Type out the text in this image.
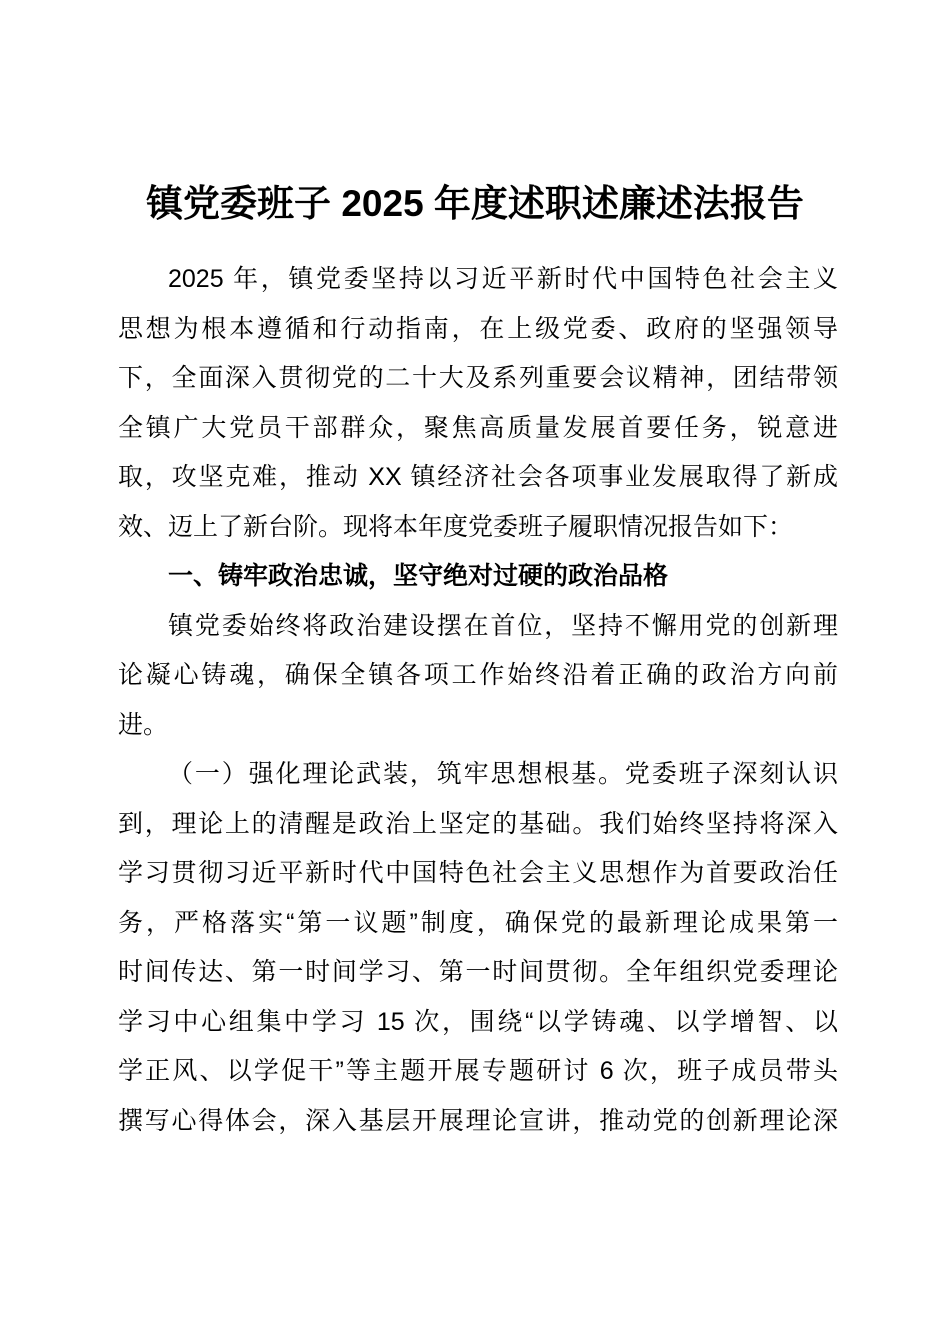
镇党委班子 2025 年度述职述廉述法报告
2025 年，镇党委坚持以习近平新时代中国特色社会主义
思想为根本遵循和行动指南，在上级党委、政府的坚强领导
下，全面深入贯彻党的二十大及系列重要会议精神，团结带领
全镇广大党员干部群众，聚焦高质量发展首要任务，锐意进
取，攻坚克难，推动 XX 镇经济社会各项事业发展取得了新成
效、迈上了新台阶。现将本年度党委班子履职情况报告如下：
一、铸牢政治忠诚，坚守绝对过硬的政治品格
镇党委始终将政治建设摆在首位，坚持不懈用党的创新理
论凝心铸魂，确保全镇各项工作始终沿着正确的政治方向前
进。
（一）强化理论武装，筑牢思想根基。党委班子深刻认识
到，理论上的清醒是政治上坚定的基础。我们始终坚持将深入
学习贯彻习近平新时代中国特色社会主义思想作为首要政治任
务，严格落实“第一议题”制度，确保党的最新理论成果第一
时间传达、第一时间学习、第一时间贯彻。全年组织党委理论
学习中心组集中学习 15 次，围绕“以学铸魂、以学增智、以
学正风、以学促干”等主题开展专题研讨 6 次，班子成员带头
撰写心得体会，深入基层开展理论宣讲，推动党的创新理论深
